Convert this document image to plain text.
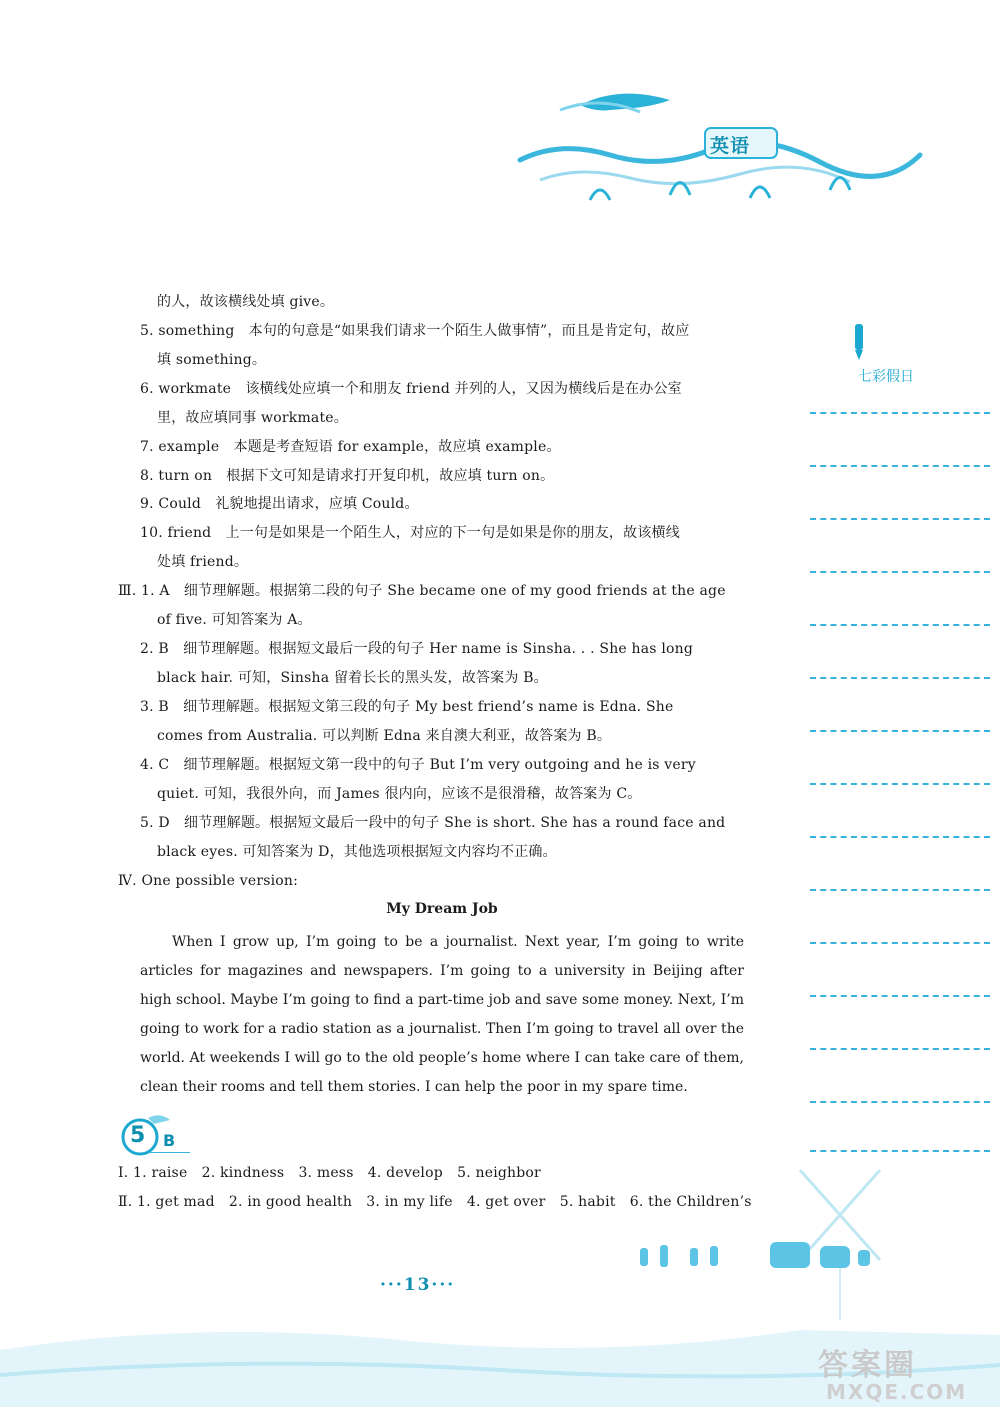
英语
七彩假日
的人，故该横线处填 give。
5. something　本句的句意是“如果我们请求一个陌生人做事情”，而且是肯定句，故应
填 something。
6. workmate　该横线处应填一个和朋友 friend 并列的人，又因为横线后是在办公室
里，故应填同事 workmate。
7. example　本题是考查短语 for example，故应填 example。
8. turn on　根据下文可知是请求打开复印机，故应填 turn on。
9. Could　礼貌地提出请求，应填 Could。
10. friend　上一句是如果是一个陌生人，对应的下一句是如果是你的朋友，故该横线
处填 friend。
Ⅲ. 1. A　细节理解题。根据第二段的句子 She became one of my good friends at the age
of five. 可知答案为 A。
2. B　细节理解题。根据短文最后一段的句子 Her name is Sinsha. . . She has long
black hair. 可知，Sinsha 留着长长的黑头发，故答案为 B。
3. B　细节理解题。根据短文第三段的句子 My best friend’s name is Edna. She
comes from Australia. 可以判断 Edna 来自澳大利亚，故答案为 B。
4. C　细节理解题。根据短文第一段中的句子 But I’m very outgoing and he is very
quiet. 可知，我很外向，而 James 很内向，应该不是很滑稽，故答案为 C。
5. D　细节理解题。根据短文最后一段中的句子 She is short. She has a round face and
black eyes. 可知答案为 D，其他选项根据短文内容均不正确。
Ⅳ. One possible version:
My Dream Job
When I grow up, I’m going to be a journalist. Next year, I’m going to write articles for magazines and newspapers. I’m going to a university in Beijing after high school. Maybe I’m going to find a part-time job and save some money. Next, I’m going to work for a radio station as a journalist. Then I’m going to travel all over the world. At weekends I will go to the old people’s home where I can take care of them, clean their rooms and tell them stories. I can help the poor in my spare time.
5 B
Ⅰ. 1. raise　2. kindness　3. mess　4. develop　5. neighbor
Ⅱ. 1. get mad　2. in good health　3. in my life　4. get over　5. habit　6. the Children’s
···13···
答案圈
MXQE.COM
